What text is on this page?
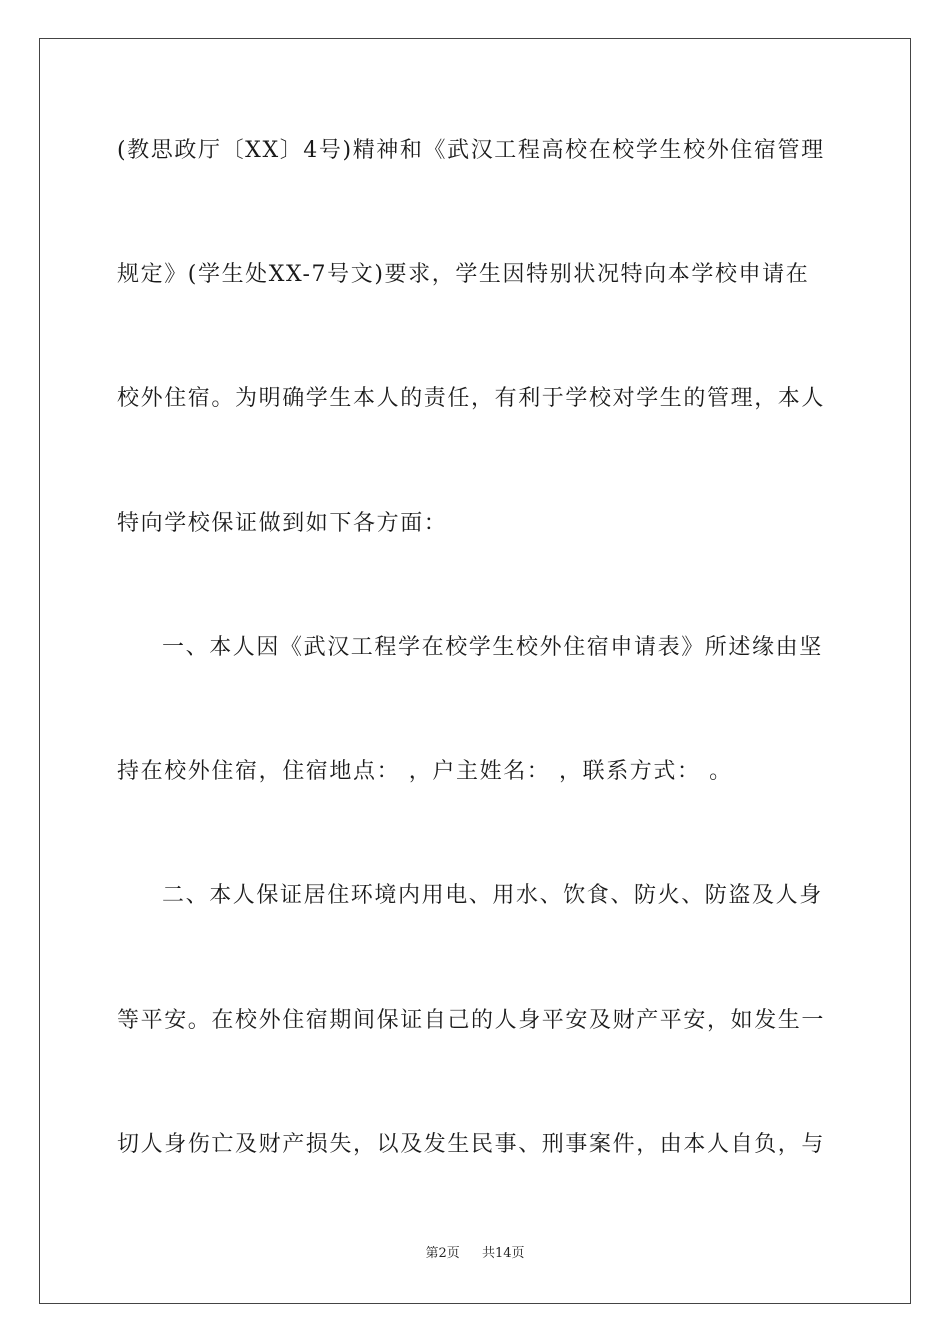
(教思政厅〔XX〕4号)精神和《武汉工程高校在校学生校外住宿管理
规定》(学生处XX-7号文)要求，学生因特别状况特向本学校申请在
校外住宿。为明确学生本人的责任，有利于学校对学生的管理，本人
特向学校保证做到如下各方面：
一、本人因《武汉工程学在校学生校外住宿申请表》所述缘由坚
持在校外住宿，住宿地点： ，户主姓名： ，联系方式： 。
二、本人保证居住环境内用电、用水、饮食、防火、防盗及人身
等平安。在校外住宿期间保证自己的人身平安及财产平安，如发生一
切人身伤亡及财产损失，以及发生民事、刑事案件，由本人自负，与
第2页 共14页
